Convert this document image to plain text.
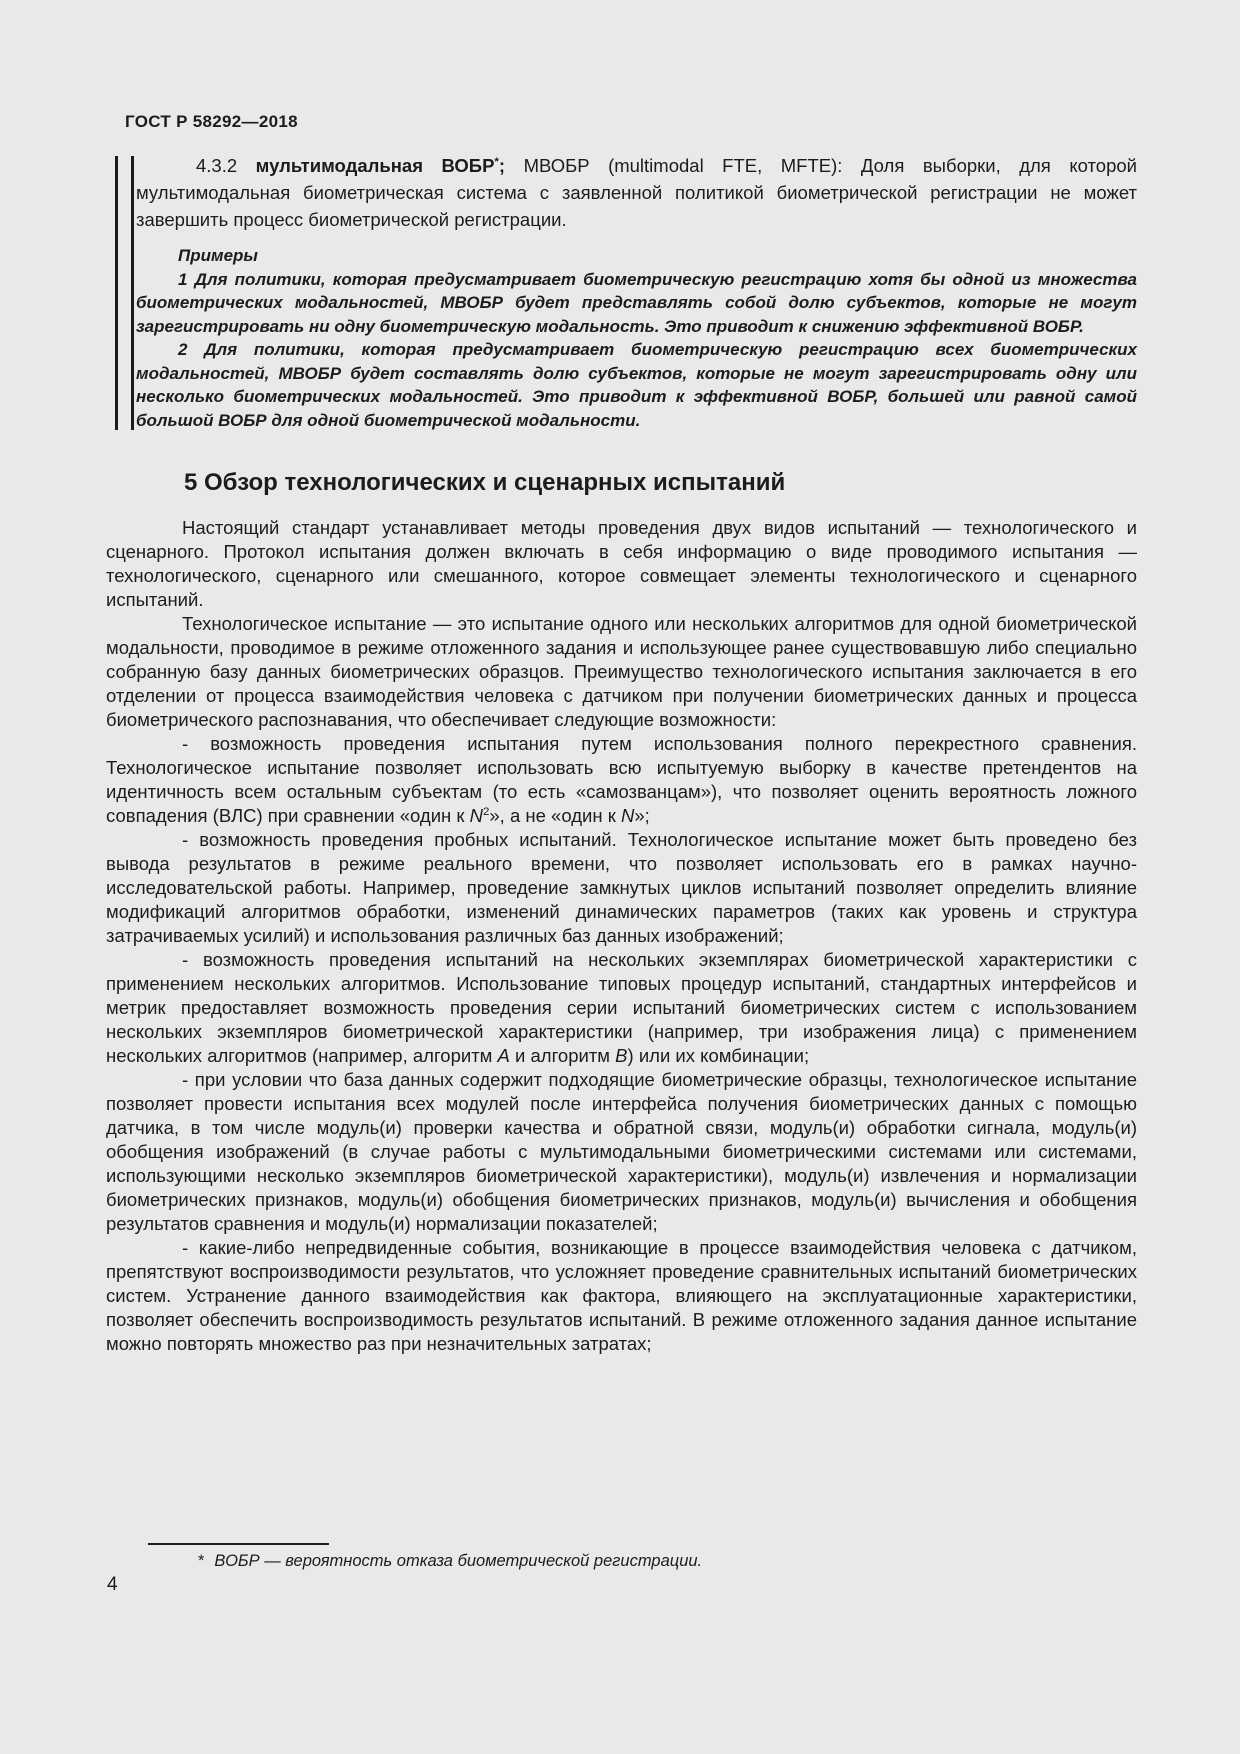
ГОСТ Р 58292—2018

4.3.2 мультимодальная ВОБР*; МВОБР (multimodal FTE, MFTE): Доля выборки, для которой мультимодальная биометрическая система с заявленной политикой биометрической регистрации не может завершить процесс биометрической регистрации.

Примеры

1 Для политики, которая предусматривает биометрическую регистрацию хотя бы одной из множества биометрических модальностей, МВОБР будет представлять собой долю субъектов, которые не могут зарегистрировать ни одну биометрическую модальность. Это приводит к снижению эффективной ВОБР.

2 Для политики, которая предусматривает биометрическую регистрацию всех биометрических модальностей, МВОБР будет составлять долю субъектов, которые не могут зарегистрировать одну или несколько биометрических модальностей. Это приводит к эффективной ВОБР, большей или равной самой большой ВОБР для одной биометрической модальности.

5 Обзор технологических и сценарных испытаний

Настоящий стандарт устанавливает методы проведения двух видов испытаний — технологического и сценарного. Протокол испытания должен включать в себя информацию о виде проводимого испытания — технологического, сценарного или смешанного, которое совмещает элементы технологического и сценарного испытаний.

Технологическое испытание — это испытание одного или нескольких алгоритмов для одной биометрической модальности, проводимое в режиме отложенного задания и использующее ранее существовавшую либо специально собранную базу данных биометрических образцов. Преимущество технологического испытания заключается в его отделении от процесса взаимодействия человека с датчиком при получении биометрических данных и процесса биометрического распознавания, что обеспечивает следующие возможности:

- возможность проведения испытания путем использования полного перекрестного сравнения. Технологическое испытание позволяет использовать всю испытуемую выборку в качестве претендентов на идентичность всем остальным субъектам (то есть «самозванцам»), что позволяет оценить вероятность ложного совпадения (ВЛС) при сравнении «один к $N^2$», а не «один к N»;

- возможность проведения пробных испытаний. Технологическое испытание может быть проведено без вывода результатов в режиме реального времени, что позволяет использовать его в рамках научно-исследовательской работы. Например, проведение замкнутых циклов испытаний позволяет определить влияние модификаций алгоритмов обработки, изменений динамических параметров (таких как уровень и структура затрачиваемых усилий) и использования различных баз данных изображений;

- возможность проведения испытаний на нескольких экземплярах биометрической характеристики с применением нескольких алгоритмов. Использование типовых процедур испытаний, стандартных интерфейсов и метрик предоставляет возможность проведения серии испытаний биометрических систем с использованием нескольких экземпляров биометрической характеристики (например, три изображения лица) с применением нескольких алгоритмов (например, алгоритм А и алгоритм В) или их комбинации;

- при условии что база данных содержит подходящие биометрические образцы, технологическое испытание позволяет провести испытания всех модулей после интерфейса получения биометрических данных с помощью датчика, в том числе модуль(и) проверки качества и обратной связи, модуль(и) обработки сигнала, модуль(и) обобщения изображений (в случае работы с мультимодальными биометрическими системами или системами, использующими несколько экземпляров биометрической характеристики), модуль(и) извлечения и нормализации биометрических признаков, модуль(и) обобщения биометрических признаков, модуль(и) вычисления и обобщения результатов сравнения и модуль(и) нормализации показателей;

- какие-либо непредвиденные события, возникающие в процессе взаимодействия человека с датчиком, препятствуют воспроизводимости результатов, что усложняет проведение сравнительных испытаний биометрических систем. Устранение данного взаимодействия как фактора, влияющего на эксплуатационные характеристики, позволяет обеспечить воспроизводимость результатов испытаний. В режиме отложенного задания данное испытание можно повторять множество раз при незначительных затратах;

* ВОБР — вероятность отказа биометрической регистрации.

4
